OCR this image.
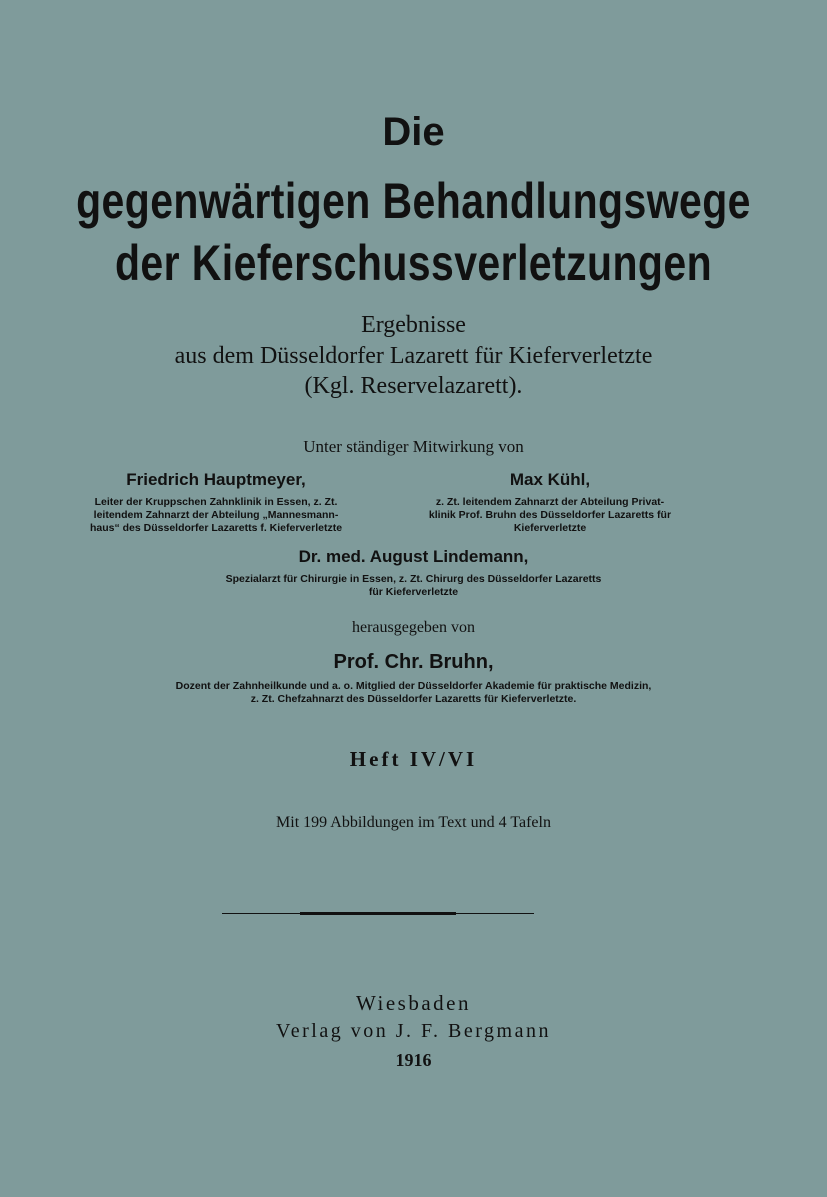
Die
gegenwärtigen Behandlungswege
der Kieferschussverletzungen
Ergebnisse
aus dem Düsseldorfer Lazarett für Kieferverletzte
(Kgl. Reservelazarett).
Unter ständiger Mitwirkung von
Friedrich Hauptmeyer,
Leiter der Kruppschen Zahnklinik in Essen, z. Zt.
leitendem Zahnarzt der Abteilung „Mannesmann-
haus“ des Düsseldorfer Lazaretts f. Kieferverletzte
Max Kühl,
z. Zt. leitendem Zahnarzt der Abteilung Privat-
klinik Prof. Bruhn des Düsseldorfer Lazaretts für
Kieferverletzte
Dr. med. August Lindemann,
Spezialarzt für Chirurgie in Essen, z. Zt. Chirurg des Düsseldorfer Lazaretts
für Kieferverletzte
herausgegeben von
Prof. Chr. Bruhn,
Dozent der Zahnheilkunde und a. o. Mitglied der Düsseldorfer Akademie für praktische Medizin,
z. Zt. Chefzahnarzt des Düsseldorfer Lazaretts für Kieferverletzte.
Heft IV/VI
Mit 199 Abbildungen im Text und 4 Tafeln
Wiesbaden
Verlag von J. F. Bergmann
1916
